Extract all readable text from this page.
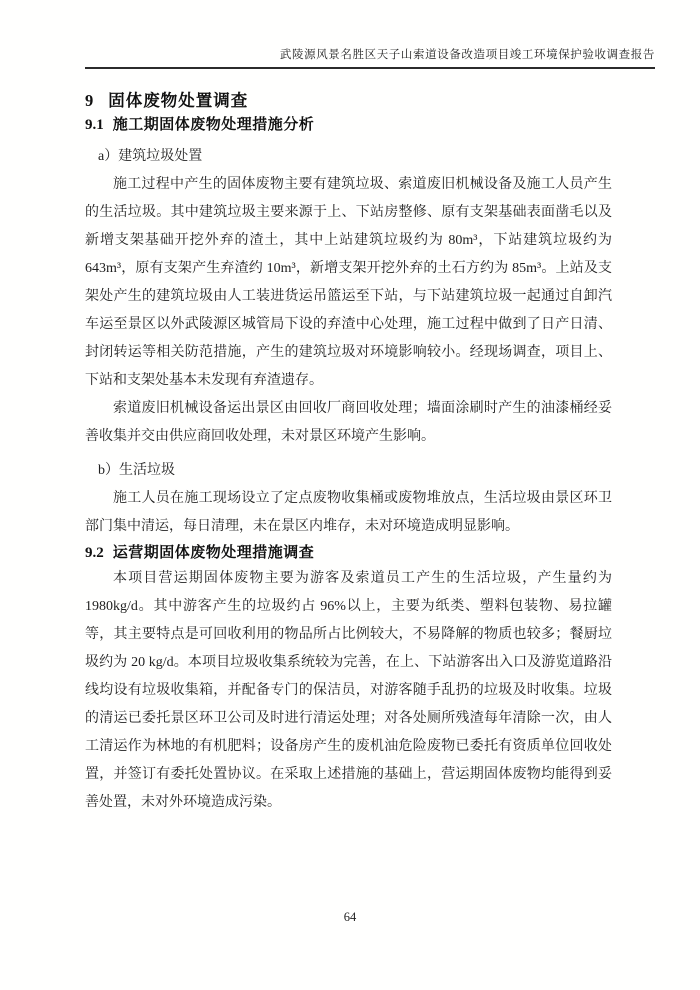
武陵源风景名胜区天子山索道设备改造项目竣工环境保护验收调查报告
9 固体废物处置调查
9.1 施工期固体废物处理措施分析

a）建筑垃圾处置

施工过程中产生的固体废物主要有建筑垃圾、索道废旧机械设备及施工人员产生的生活垃圾。其中建筑垃圾主要来源于上、下站房整修、原有支架基础表面凿毛以及新增支架基础开挖外弃的渣土，其中上站建筑垃圾约为 80m³，下站建筑垃圾约为643m³，原有支架产生弃渣约 10m³，新增支架开挖外弃的土石方约为 85m³。上站及支架处产生的建筑垃圾由人工装进货运吊篮运至下站，与下站建筑垃圾一起通过自卸汽车运至景区以外武陵源区城管局下设的弃渣中心处理，施工过程中做到了日产日清、封闭转运等相关防范措施，产生的建筑垃圾对环境影响较小。经现场调查，项目上、下站和支架处基本未发现有弃渣遗存。

索道废旧机械设备运出景区由回收厂商回收处理；墙面涂刷时产生的油漆桶经妥善收集并交由供应商回收处理，未对景区环境产生影响。

b）生活垃圾

施工人员在施工现场设立了定点废物收集桶或废物堆放点，生活垃圾由景区环卫部门集中清运，每日清理，未在景区内堆存，未对环境造成明显影响。

9.2 运营期固体废物处理措施调查

本项目营运期固体废物主要为游客及索道员工产生的生活垃圾，产生量约为1980kg/d。其中游客产生的垃圾约占 96%以上，主要为纸类、塑料包装物、易拉罐等，其主要特点是可回收利用的物品所占比例较大，不易降解的物质也较多；餐厨垃圾约为 20 kg/d。本项目垃圾收集系统较为完善，在上、下站游客出入口及游览道路沿线均设有垃圾收集箱，并配备专门的保洁员，对游客随手乱扔的垃圾及时收集。垃圾的清运已委托景区环卫公司及时进行清运处理；对各处厕所残渣每年清除一次，由人工清运作为林地的有机肥料；设备房产生的废机油危险废物已委托有资质单位回收处置，并签订有委托处置协议。在采取上述措施的基础上，营运期固体废物均能得到妥善处置，未对外环境造成污染。

64
